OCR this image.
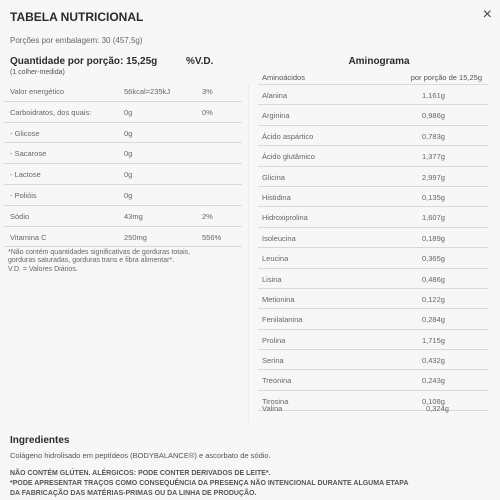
TABELA NUTRICIONAL	×
Porções por embalagem: 30 (457,5g)
Quantidade por porção: 15,25g	%V.D.
(1 colher-medida)
Valor energético	56kcal=235kJ	3%
Carboidratos, dos quais:	0g	0%
- Glicose	0g
- Sacarose	0g
- Lactose	0g
- Polióis	0g
Sódio	43mg	2%
Vitamina C	250mg	556%
*Não contém quantidades significativas de gorduras totais, gorduras saturadas, gorduras trans e fibra alimentar*.
V.D. = Valores Diários.
Aminograma
Aminoácidos	por porção de 15,25g
Alanina	1,161g
Arginina	0,986g
Ácido aspártico	0,783g
Ácido glutâmico	1,377g
Glicina	2,997g
Histidina	0,135g
Hidroxiprolina	1,607g
Isoleucina	0,189g
Leucina	0,365g
Lisina	0,486g
Metionina	0,122g
Fenilalanina	0,284g
Prolina	1,715g
Serina	0,432g
Treonina	0,243g
Tirosina	0,108g
Valina	0,324g
Ingredientes
Colágeno hidrolisado em peptídeos (BODYBALANCE®) e ascorbato de sódio.
NÃO CONTÉM GLÚTEN. ALÉRGICOS: PODE CONTER DERIVADOS DE LEITE*.
*PODE APRESENTAR TRAÇOS COMO CONSEQUÊNCIA DA PRESENÇA NÃO INTENCIONAL DURANTE ALGUMA ETAPA
DA FABRICAÇÃO DAS MATÉRIAS-PRIMAS OU DA LINHA DE PRODUÇÃO.
